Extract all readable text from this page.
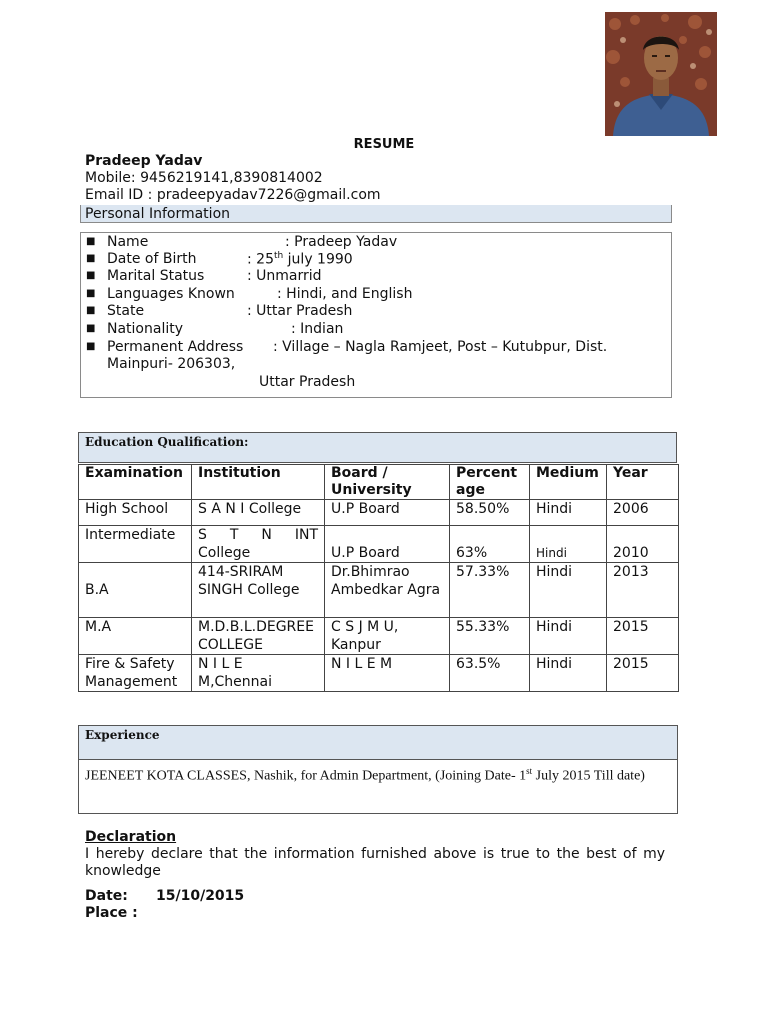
RESUME
Pradeep Yadav
Mobile: 9456219141,8390814002
Email ID : pradeepyadav7226@gmail.com
Personal Information
■ Name	: Pradeep Yadav
■ Date of Birth	: 25th july 1990
■ Marital Status	: Unmarrid
■ Languages Known	: Hindi, and English
■ State	: Uttar Pradesh
■ Nationality	: Indian
■ Permanent Address : Village – Nagla Ramjeet, Post – Kutubpur, Dist.
Mainpuri- 206303,
Uttar Pradesh
Education Qualification:
Examination	Institution	Board / University	Percent age	Medium	Year
High School	S A N I College	U.P Board	58.50%	Hindi	2006
Intermediate	S T N INT College	U.P Board	63%	Hindi	2010
B.A	414-SRIRAM SINGH College	Dr.Bhimrao Ambedkar Agra	57.33%	Hindi	2013
M.A	M.D.B.L.DEGREE COLLEGE	C S J M U, Kanpur	55.33%	Hindi	2015
Fire & Safety Management	N I L E M,Chennai	N I L E M	63.5%	Hindi	2015
Experience
JEENEET KOTA CLASSES, Nashik, for Admin Department, (Joining Date- 1st July 2015 Till date)
Declaration
I hereby declare that the information furnished above is true to the best of my knowledge
Date: 15/10/2015
Place :
